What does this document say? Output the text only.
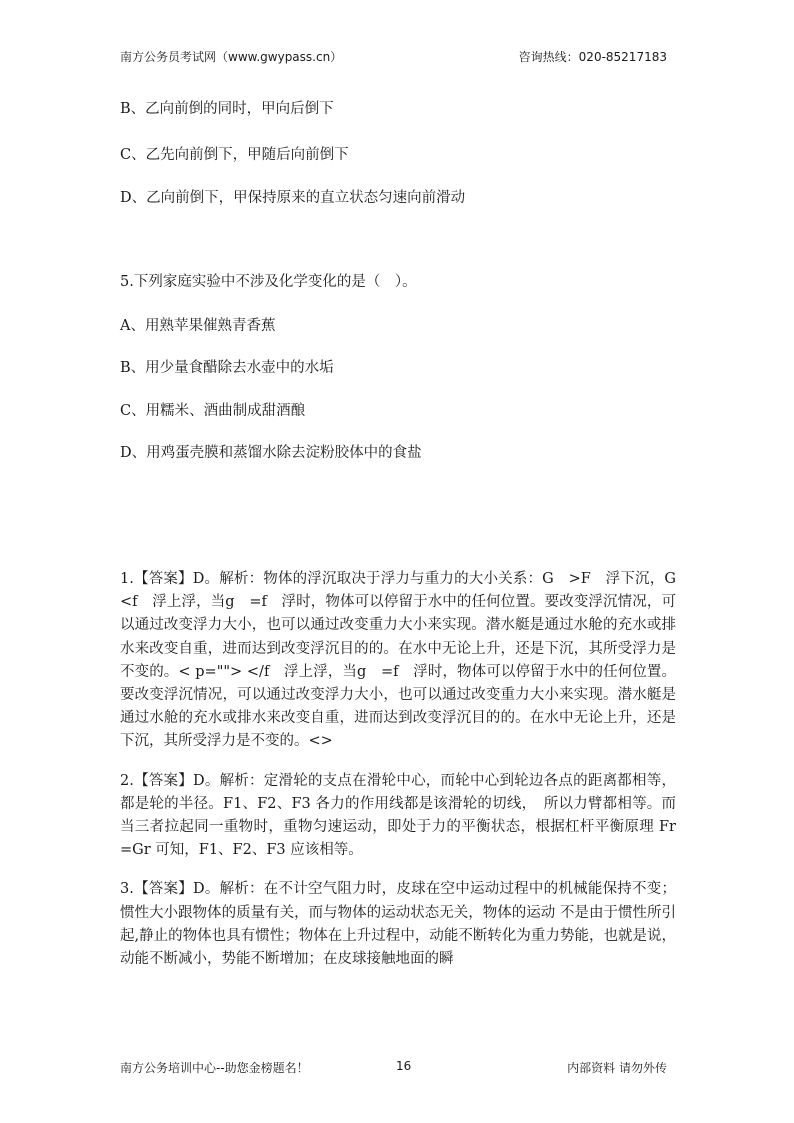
南方公务员考试网（www.gwypass.cn）	咨询热线：020-85217183
B、乙向前倒的同时，甲向后倒下
C、乙先向前倒下，甲随后向前倒下
D、乙向前倒下，甲保持原来的直立状态匀速向前滑动
5.下列家庭实验中不涉及化学变化的是（　）。
A、用熟苹果催熟青香蕉
B、用少量食醋除去水壶中的水垢
C、用糯米、酒曲制成甜酒酿
D、用鸡蛋壳膜和蒸馏水除去淀粉胶体中的食盐

1.【答案】D。解析：物体的浮沉取决于浮力与重力的大小关系：G　>F　浮下沉，G　<f　浮上浮，当g　=f　浮时，物体可以停留于水中的任何位置。要改变浮沉情况，可以通过改变浮力大小，也可以通过改变重力大小来实现。潜水艇是通过水舱的充水或排水来改变自重，进而达到改变浮沉目的的。在水中无论上升，还是下沉，其所受浮力是不变的。< p=""> </f　浮上浮，当g　=f　浮时，物体可以停留于水中的任何位置。要改变浮沉情况，可以通过改变浮力大小，也可以通过改变重力大小来实现。潜水艇是通过水舱的充水或排水来改变自重，进而达到改变浮沉目的的。在水中无论上升，还是下沉，其所受浮力是不变的。<>

2.【答案】D。解析：定滑轮的支点在滑轮中心，而轮中心到轮边各点的距离都相等，都是轮的半径。F1、F2、F3 各力的作用线都是该滑轮的切线，　所以力臂都相等。而当三者拉起同一重物时，重物匀速运动，即处于力的平衡状态，根据杠杆平衡原理 Fr　=Gr 可知，F1、F2、F3 应该相等。

3.【答案】D。解析：在不计空气阻力时，皮球在空中运动过程中的机械能保持不变；惯性大小跟物体的质量有关，而与物体的运动状态无关，物体的运动 不是由于惯性所引起,静止的物体也具有惯性；物体在上升过程中，动能不断转化为重力势能，也就是说，动能不断减小，势能不断增加；在皮球接触地面的瞬

南方公务培训中心--助您金榜题名！	16	内部资料 请勿外传
